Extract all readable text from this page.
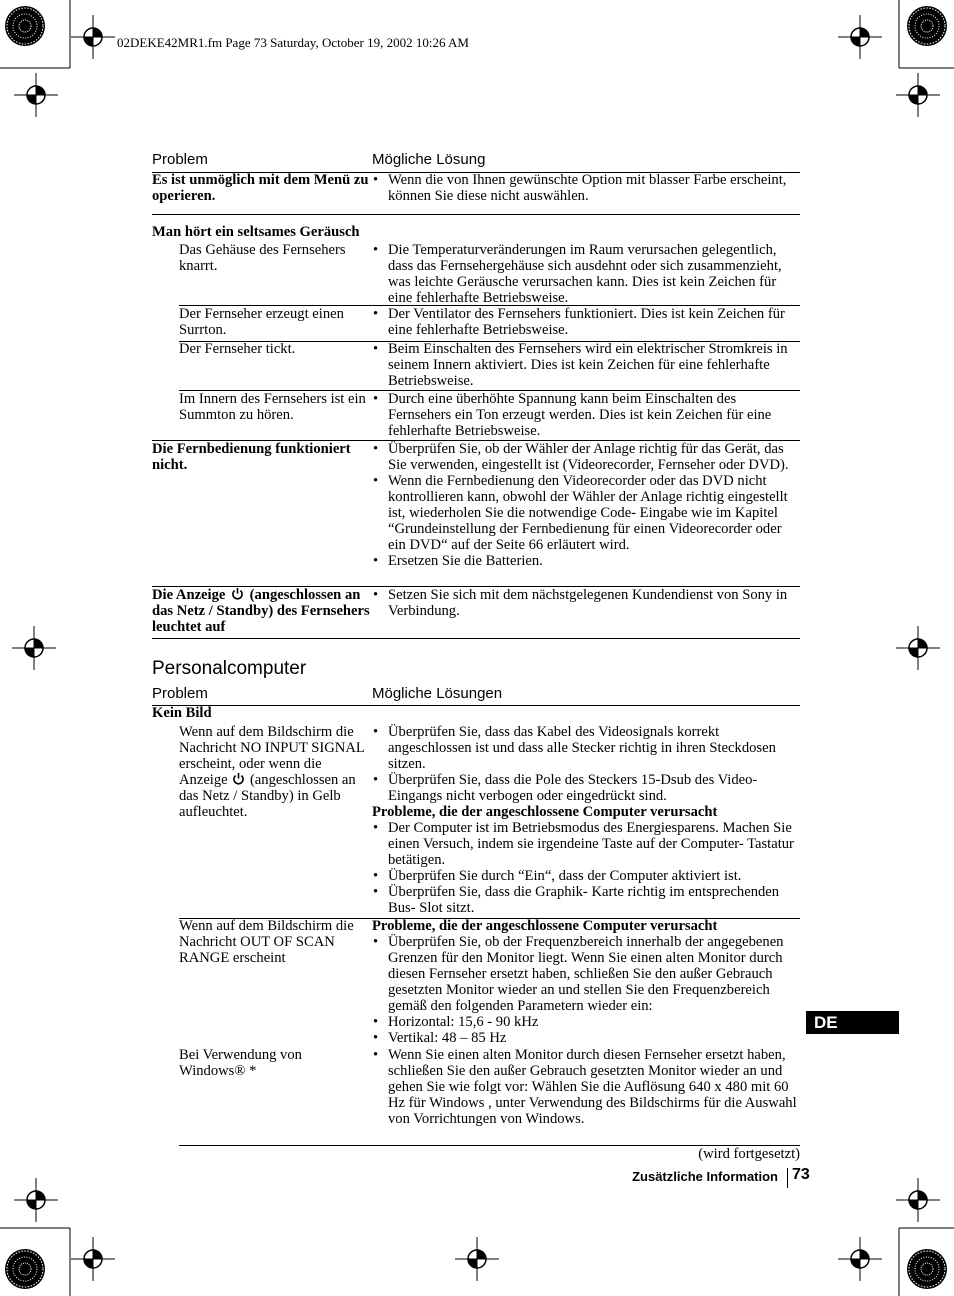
02DEKE42MR1.fm Page 73 Saturday, October 19, 2002 10:26 AM
Problem	Mögliche Lösung
Es ist unmöglich mit dem Menü zu operieren.
• Wenn die von Ihnen gewünschte Option mit blasser Farbe erscheint, können Sie diese nicht auswählen.
Man hört ein seltsames Geräusch
Das Gehäuse des Fernsehers knarrt.
• Die Temperaturveränderungen im Raum verursachen gelegentlich, dass das Fernsehergehäuse sich ausdehnt oder sich zusammenzieht, was leichte Geräusche verursachen kann. Dies ist kein Zeichen für eine fehlerhafte Betriebsweise.
Der Fernseher erzeugt einen Surrton.
• Der Ventilator des Fernsehers funktioniert. Dies ist kein Zeichen für eine fehlerhafte Betriebsweise.
Der Fernseher tickt.
•	Beim Einschalten des Fernsehers wird ein elektrischer Stromkreis in seinem Innern aktiviert. Dies ist kein Zeichen für eine fehlerhafte Betriebsweise.
Im Innern des Fernsehers ist ein Summton zu hören.
• Durch eine überhöhte Spannung kann beim Einschalten des Fernsehers ein Ton erzeugt werden. Dies ist kein Zeichen für eine fehlerhafte Betriebsweise.
Die Fernbedienung funktioniert nicht.
• Überprüfen Sie, ob der Wähler der Anlage richtig für das Gerät, das Sie verwenden, eingestellt ist (Videorecorder, Fernseher oder DVD).
• Wenn die Fernbedienung den Videorecorder oder das DVD nicht kontrollieren kann, obwohl der Wähler der Anlage richtig eingestellt ist, wiederholen Sie die notwendige Code- Eingabe wie im Kapitel “Grundeinstellung der Fernbedienung für einen Videorecorder oder ein DVD“ auf der Seite 66 erläutert wird.
• Ersetzen Sie die Batterien.
Die Anzeige (angeschlossen an das Netz / Standby) des Fernsehers leuchtet auf
• Setzen Sie sich mit dem nächstgelegenen Kundendienst von Sony in Verbindung.
Personalcomputer
Problem	Mögliche Lösungen
Kein Bild
Wenn auf dem Bildschirm die Nachricht NO INPUT SIGNAL erscheint, oder wenn die Anzeige (angeschlossen an das Netz / Standby) in Gelb aufleuchtet.
• Überprüfen Sie, dass das Kabel des Videosignals korrekt angeschlossen ist und dass alle Stecker richtig in ihren Steckdosen sitzen.
• Überprüfen Sie, dass die Pole des Steckers 15-Dsub des Video-Eingangs nicht verbogen oder eingedrückt sind.
Probleme, die der angeschlossene Computer verursacht
• Der Computer ist im Betriebsmodus des Energiesparens. Machen Sie einen Versuch, indem sie irgendeine Taste auf der Computer- Tastatur betätigen.
• Überprüfen Sie durch “Ein“, dass der Computer aktiviert ist.
• Überprüfen Sie, dass die Graphik- Karte richtig im entsprechenden Bus- Slot sitzt.
Wenn auf dem Bildschirm die Nachricht OUT OF SCAN RANGE erscheint
Probleme, die der angeschlossene Computer verursacht
• Überprüfen Sie, ob der Frequenzbereich innerhalb der angegebenen Grenzen für den Monitor liegt. Wenn Sie einen alten Monitor durch diesen Fernseher ersetzt haben, schließen Sie den außer Gebrauch gesetzten Monitor wieder an und stellen Sie den Frequenzbereich gemäß den folgenden Parametern wieder ein:
• Horizontal: 15,6 - 90 kHz
• Vertikal: 48 – 85 Hz
Bei Verwendung von Windows® *
• Wenn Sie einen alten Monitor durch diesen Fernseher ersetzt haben, schließen Sie den außer Gebrauch gesetzten Monitor wieder an und gehen Sie wie folgt vor: Wählen Sie die Auflösung 640 x 480 mit 60 Hz für Windows , unter Verwendung des Bildschirms für die Auswahl von Vorrichtungen von Windows.
(wird fortgesetzt)
Zusätzliche Information 73
DE
